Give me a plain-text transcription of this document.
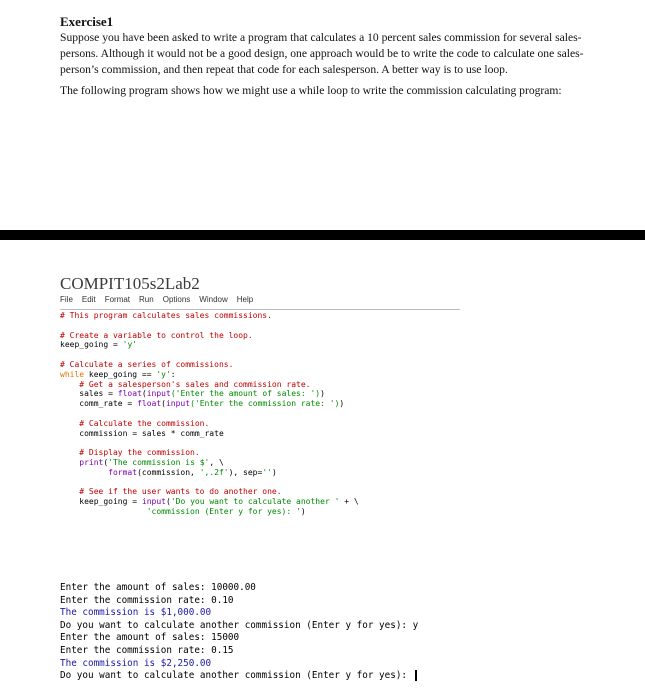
Exercise1

Suppose you have been asked to write a program that calculates a 10 percent sales commission for several sales-

persons. Although it would not be a good design, one approach would be to write the code to calculate one sales-

person’s commission, and then repeat that code for each salesperson. A better way is to use loop.

The following program shows how we might use a while loop to write the commission calculating program:

COMPIT105s2Lab2
File Edit Format Run Options Window Help
# This program calculates sales commissions.

# Create a variable to control the loop.
keep_going = 'y'

# Calculate a series of commissions.
while keep_going == 'y':
# Get a salesperson's sales and commission rate.
sales = float(input('Enter the amount of sales: '))
comm_rate = float(input('Enter the commission rate: '))

# Calculate the commission.
commission = sales * comm_rate

# Display the commission.
print('The commission is $', \
format(commission, ',.2f'), sep='')

# See if the user wants to do another one.
keep_going = input('Do you want to calculate another ' + \
'commission (Enter y for yes): ')
Enter the amount of sales: 10000.00
Enter the commission rate: 0.10
The commission is $1,000.00
Do you want to calculate another commission (Enter y for yes): y
Enter the amount of sales: 15000
Enter the commission rate: 0.15
The commission is $2,250.00
Do you want to calculate another commission (Enter y for yes):
